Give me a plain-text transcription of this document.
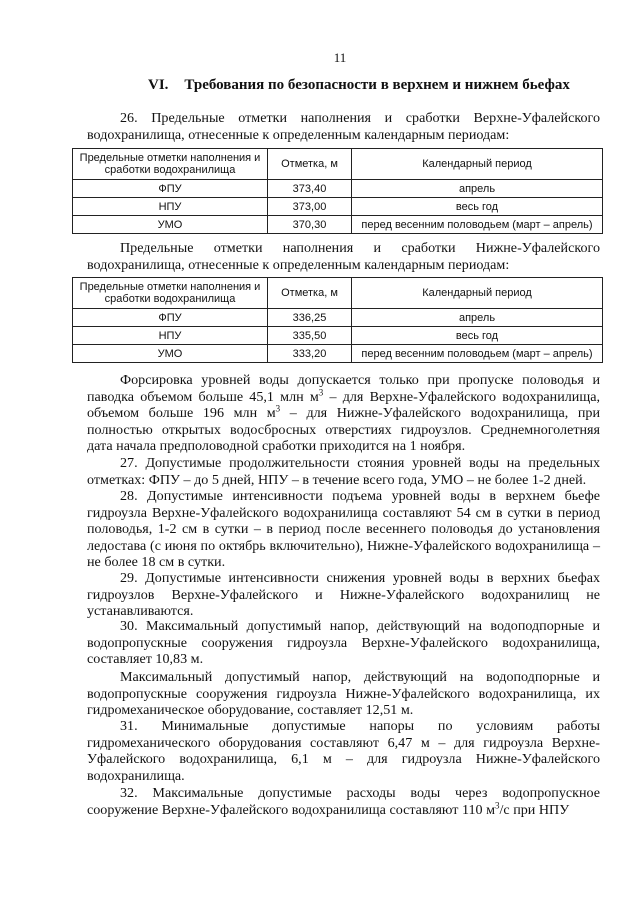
11
VI. Требования по безопасности в верхнем и нижнем бьефах
26. Предельные отметки наполнения и сработки Верхне-Уфалейского
водохранилища, отнесенные к определенным календарным периодам:
Предельные отметки наполнения и сработки водохранилища	Отметка, м	Календарный период
ФПУ	373,40	апрель
НПУ	373,00	весь год
УМО	370,30	перед весенним половодьем (март – апрель)
Предельные отметки наполнения и сработки Нижне-Уфалейского
водохранилища, отнесенные к определенным календарным периодам:
Предельные отметки наполнения и сработки водохранилища	Отметка, м	Календарный период
ФПУ	336,25	апрель
НПУ	335,50	весь год
УМО	333,20	перед весенним половодьем (март – апрель)
Форсировка уровней воды допускается только при пропуске половодья и паводка объемом больше 45,1 млн $м^3$ – для Верхне-Уфалейского водохранилища, объемом больше 196 млн $м^3$ – для Нижне-Уфалейского водохранилища, при полностью открытых водосбросных отверстиях гидроузлов. Среднемноголетняя дата начала предполоводной сработки приходится на 1 ноября.
27. Допустимые продолжительности стояния уровней воды на предельных отметках: ФПУ – до 5 дней, НПУ – в течение всего года, УМО – не более 1-2 дней.
28. Допустимые интенсивности подъема уровней воды в верхнем бьефе гидроузла Верхне-Уфалейского водохранилища составляют 54 см в сутки в период половодья, 1-2 см в сутки – в период после весеннего половодья до установления ледостава (с июня по октябрь включительно), Нижне-Уфалейского водохранилища – не более 18 см в сутки.
29. Допустимые интенсивности снижения уровней воды в верхних бьефах гидроузлов Верхне-Уфалейского и Нижне-Уфалейского водохранилищ не устанавливаются.
30. Максимальный допустимый напор, действующий на водоподпорные и водопропускные сооружения гидроузла Верхне-Уфалейского водохранилища, составляет 10,83 м.
Максимальный допустимый напор, действующий на водоподпорные и водопропускные сооружения гидроузла Нижне-Уфалейского водохранилища, их гидромеханическое оборудование, составляет 12,51 м.
31. Минимальные допустимые напоры по условиям работы гидромеханического оборудования составляют 6,47 м – для гидроузла Верхне-Уфалейского водохранилища, 6,1 м – для гидроузла Нижне-Уфалейского водохранилища.
32. Максимальные допустимые расходы воды через водопропускное сооружение Верхне-Уфалейского водохранилища составляют 110 $м^3/с$ при НПУ
